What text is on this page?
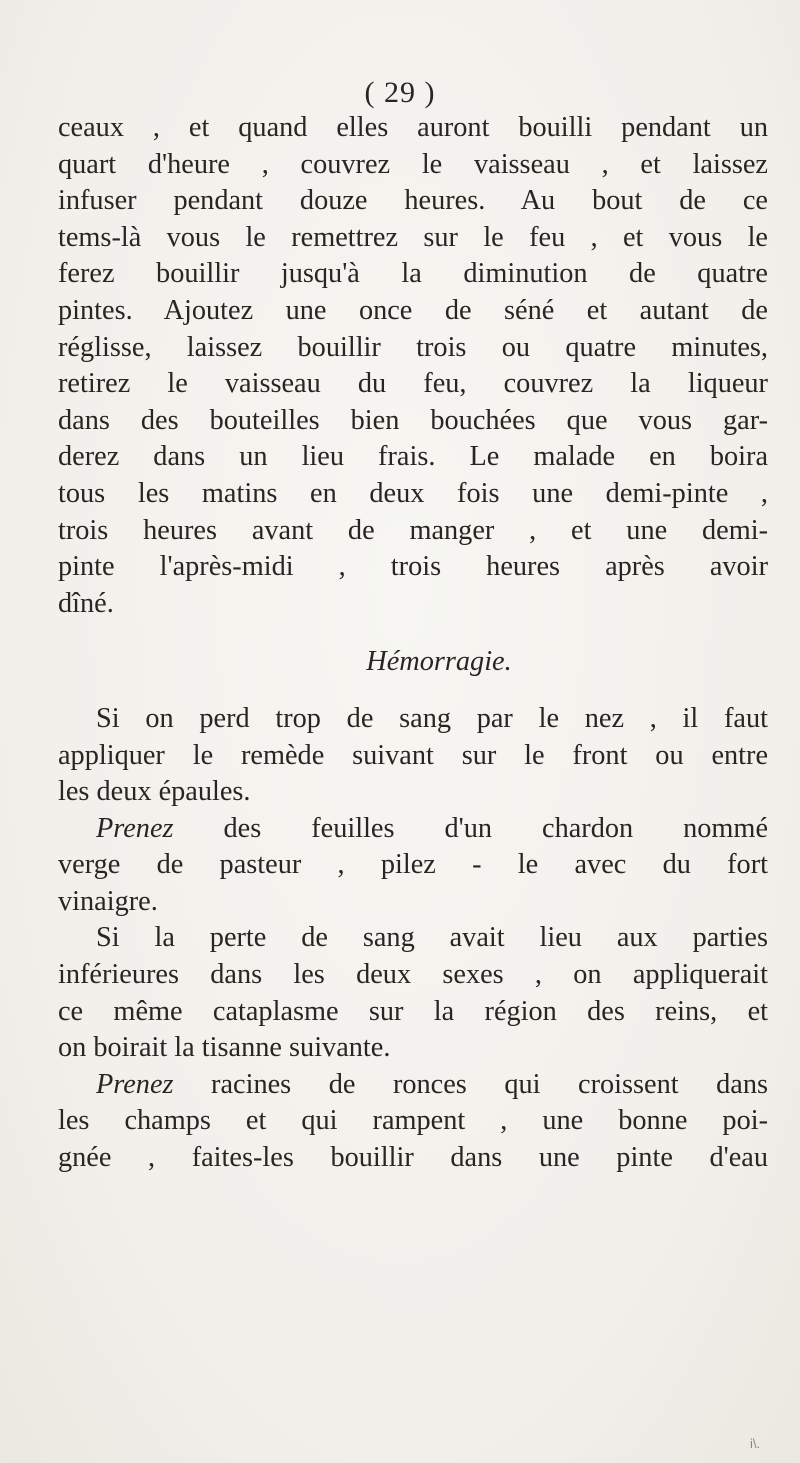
( 29 )
ceaux , et quand elles auront bouilli pendant un
quart d'heure , couvrez le vaisseau , et laissez
infuser pendant douze heures. Au bout de ce
tems-là vous le remettrez sur le feu , et vous le
ferez bouillir jusqu'à la diminution de quatre
pintes. Ajoutez une once de séné et autant de
réglisse, laissez bouillir trois ou quatre minutes,
retirez le vaisseau du feu, couvrez la liqueur
dans des bouteilles bien bouchées que vous gar-
derez dans un lieu frais. Le malade en boira
tous les matins en deux fois une demi-pinte ,
trois heures avant de manger , et une demi-
pinte l'après-midi , trois heures après avoir
dîné.
Hémorragie.
Si on perd trop de sang par le nez , il faut
appliquer le remède suivant sur le front ou entre
les deux épaules.
Prenez des feuilles d'un chardon nommé
verge de pasteur , pilez - le avec du fort
vinaigre.
Si la perte de sang avait lieu aux parties
inférieures dans les deux sexes , on appliquerait
ce même cataplasme sur la région des reins, et
on boirait la tisanne suivante.
Prenez racines de ronces qui croissent dans
les champs et qui rampent , une bonne poi-
gnée , faites-les bouillir dans une pinte d'eau
i\.
